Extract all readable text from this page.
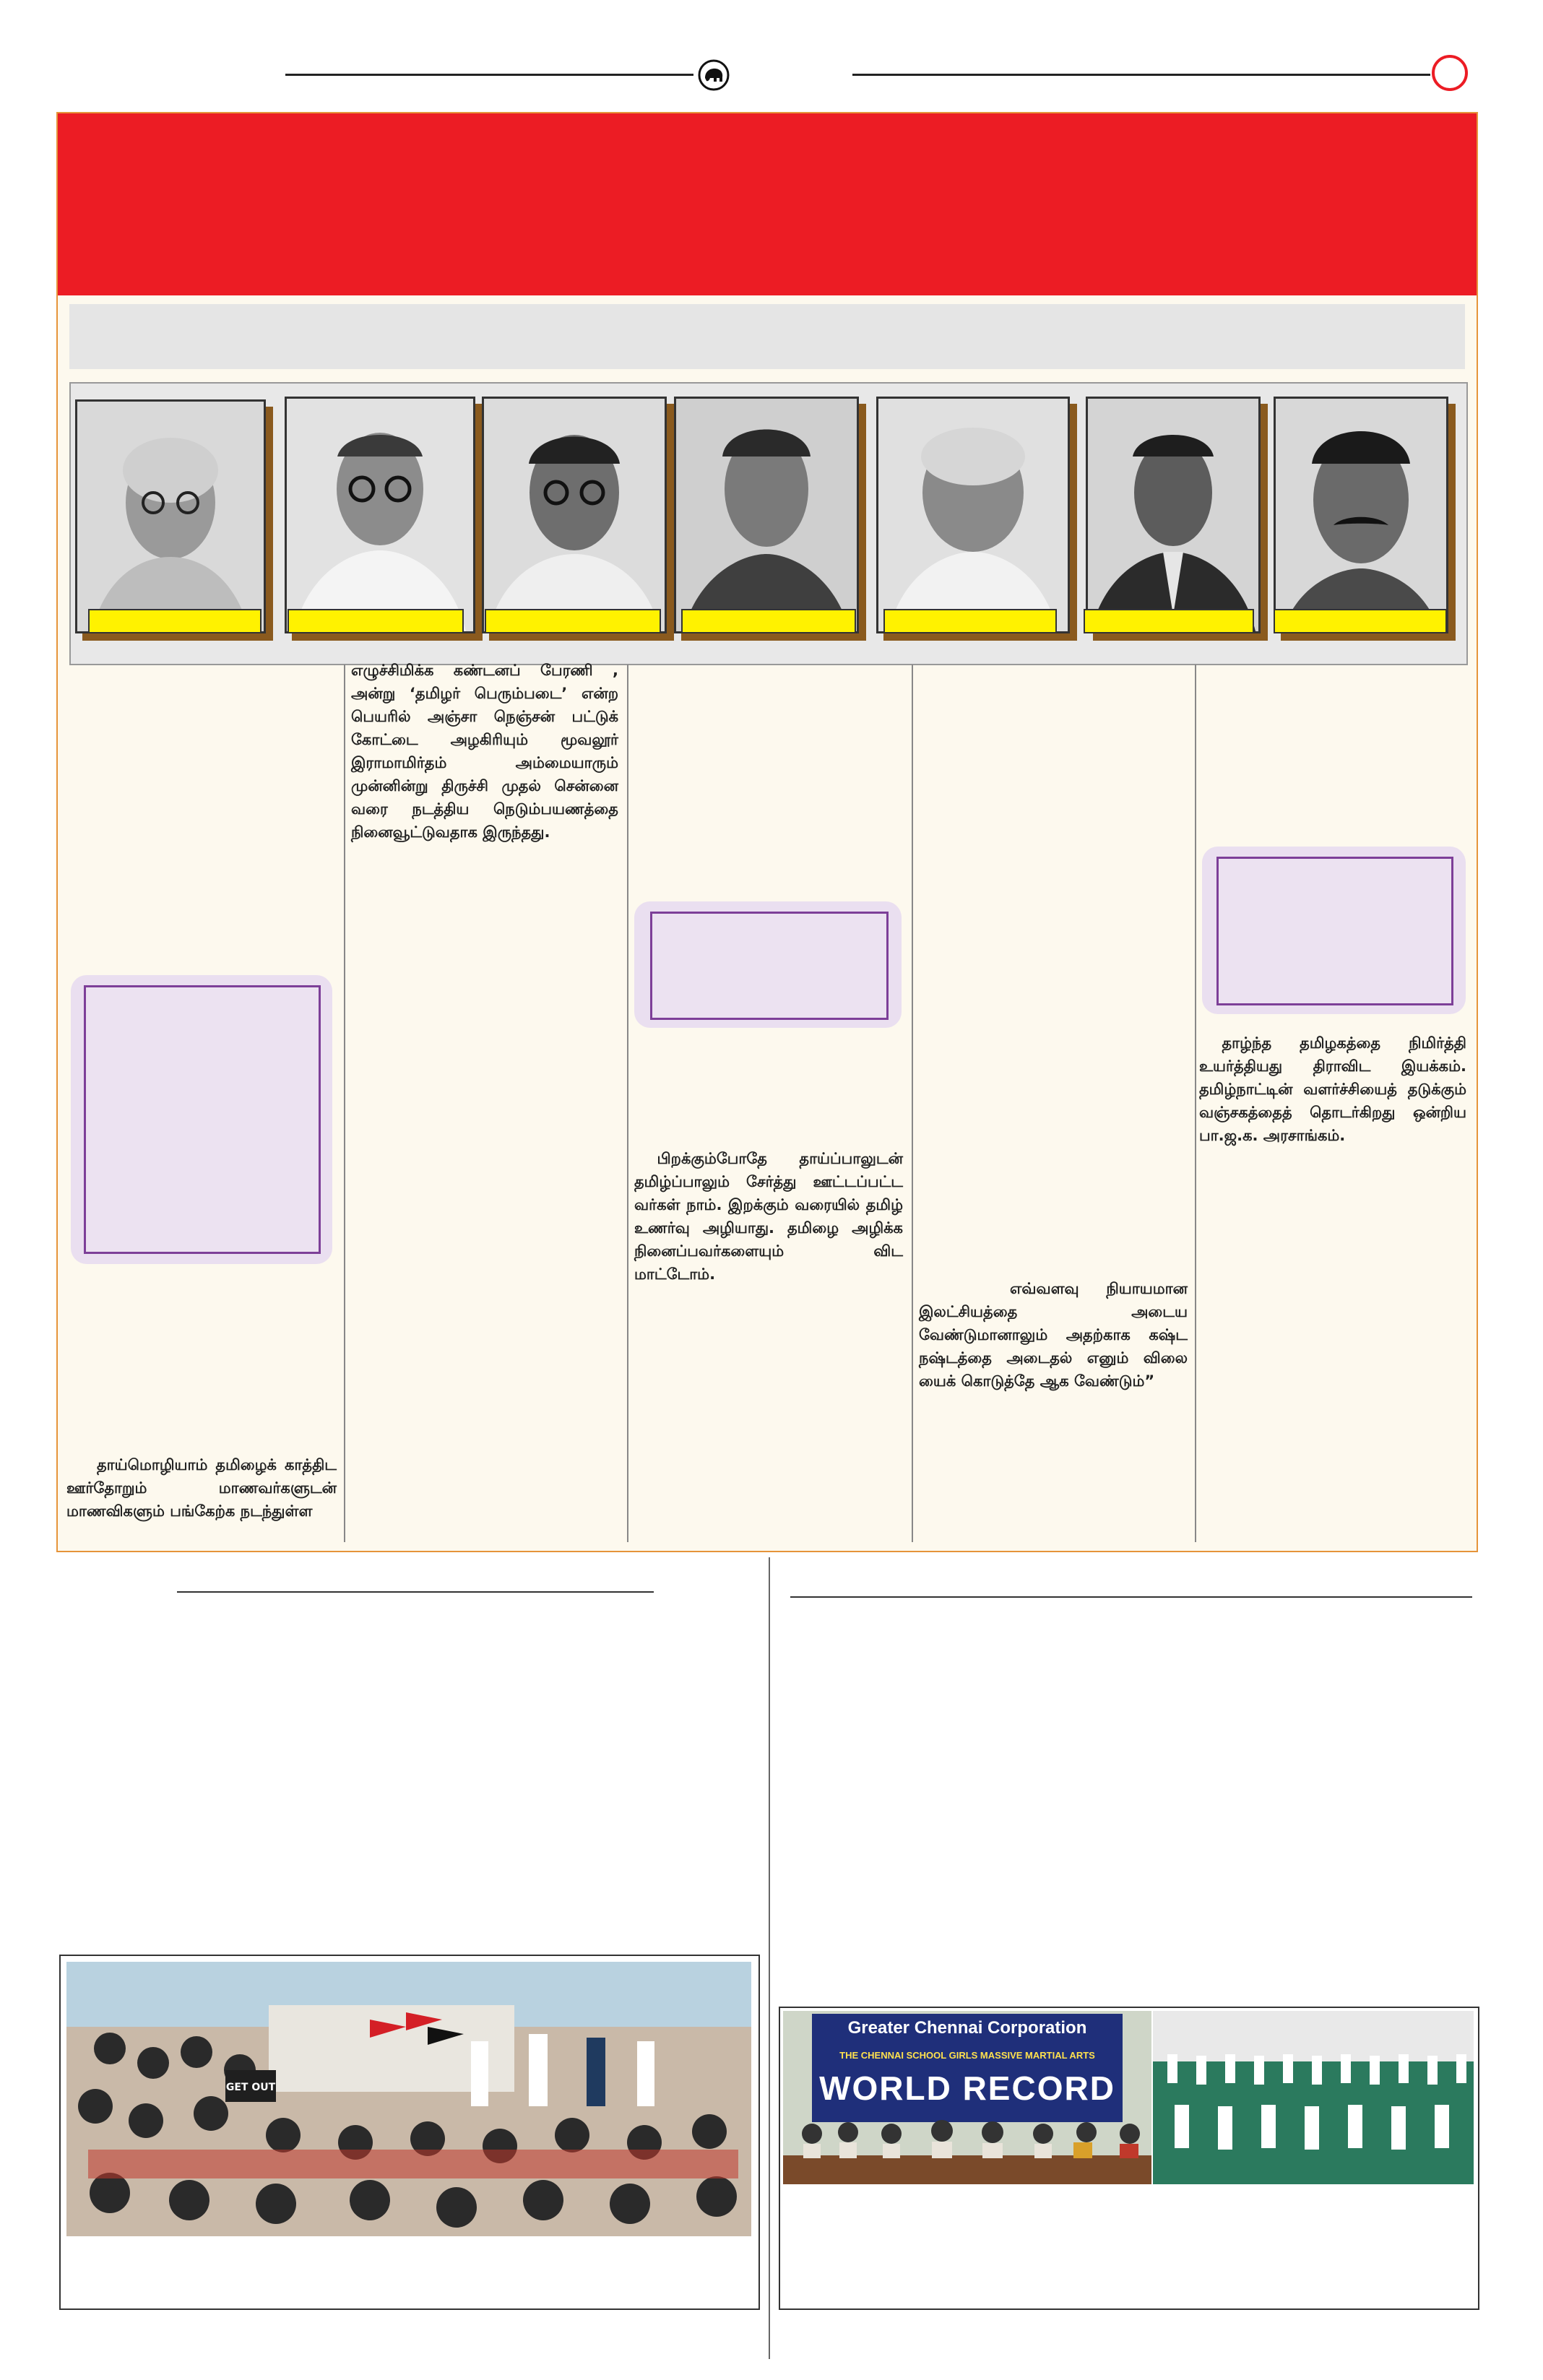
தாய்மொழியாம் தமிழைக் காத்திட ஊர்தோறும் மாணவர்களுடன் மாணவிகளும் பங்கேற்க நடந்துள்ள
எழுச்சிமிக்க கண்டனப் பேரணி , அன்று ‘தமிழர் பெரும்படை’ என்ற பெயரில் அஞ்சா நெஞ்சன் பட்டுக் கோட்டை அழகிரியும் மூவலூர் இராமாமிர்தம் அம்மையாரும் முன்னின்று திருச்சி முதல் சென்னை வரை நடத்திய நெடும்பயணத்தை நினைவூட்டுவதாக இருந்தது.
பிறக்கும்போதே தாய்ப்பாலுடன் தமிழ்ப்பாலும் சேர்த்து ஊட்டப்பட்ட வர்கள் நாம். இறக்கும் வரையில் தமிழ் உணர்வு அழியாது. தமிழை அழிக்க நினைப்பவர்களையும் விட மாட்டோம்.
எவ்வளவு நியாயமான இலட்சியத்தை அடைய வேண்டுமானாலும் அதற்காக கஷ்ட நஷ்டத்தை அடைதல் எனும் விலை யைக் கொடுத்தே ஆக வேண்டும்”
தாழ்ந்த தமிழகத்தை நிமிர்த்தி உயர்த்தியது திராவிட இயக்கம். தமிழ்நாட்டின் வளர்ச்சியைத் தடுக்கும் வஞ்சகத்தைத் தொடர்கிறது ஒன்றிய பா.ஜ.க. அரசாங்கம்.
GET OUT
Greater Chennai Corporation
THE CHENNAI SCHOOL GIRLS MASSIVE MARTIAL ARTS
WORLD RECORD
